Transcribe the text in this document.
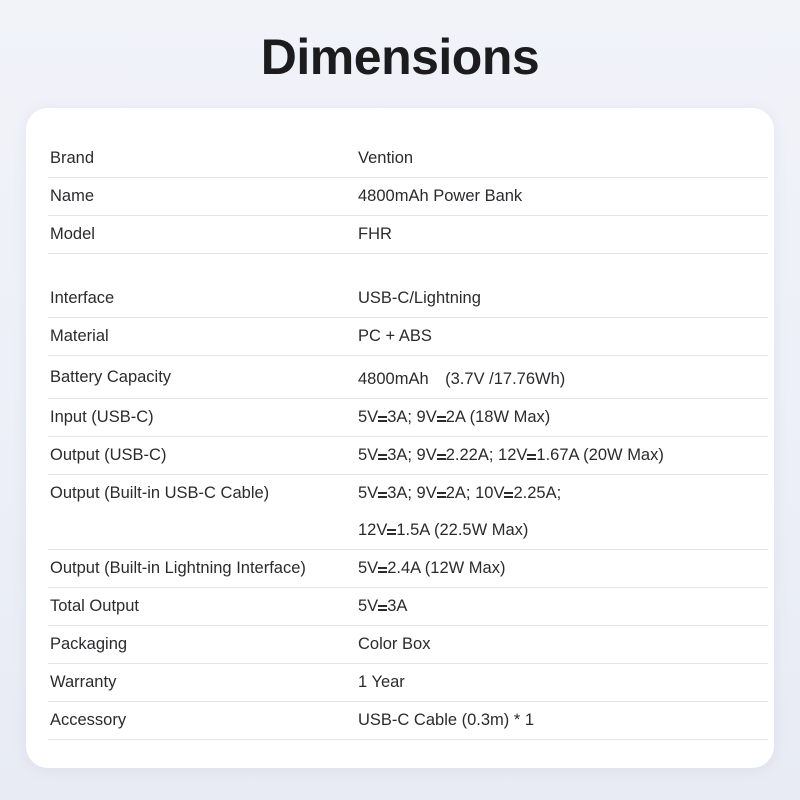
Dimensions
Brand	Vention
Name	4800mAh Power Bank
Model	FHR

Interface	USB-C/Lightning
Material	PC + ABS
Battery Capacity	4800mAh　(3.7V /17.76Wh)
Input (USB-C)	5V 3A; 9V 2A (18W Max)
Output (USB-C)	5V 3A; 9V 2.22A; 12V 1.67A (20W Max)
Output (Built-in USB-C Cable)	5V 3A; 9V 2A; 10V 2.25A;
	12V 1.5A (22.5W Max)
Output (Built-in Lightning Interface)	5V 2.4A (12W Max)
Total Output	5V 3A
Packaging	Color Box
Warranty	1 Year
Accessory	USB-C Cable (0.3m) * 1
